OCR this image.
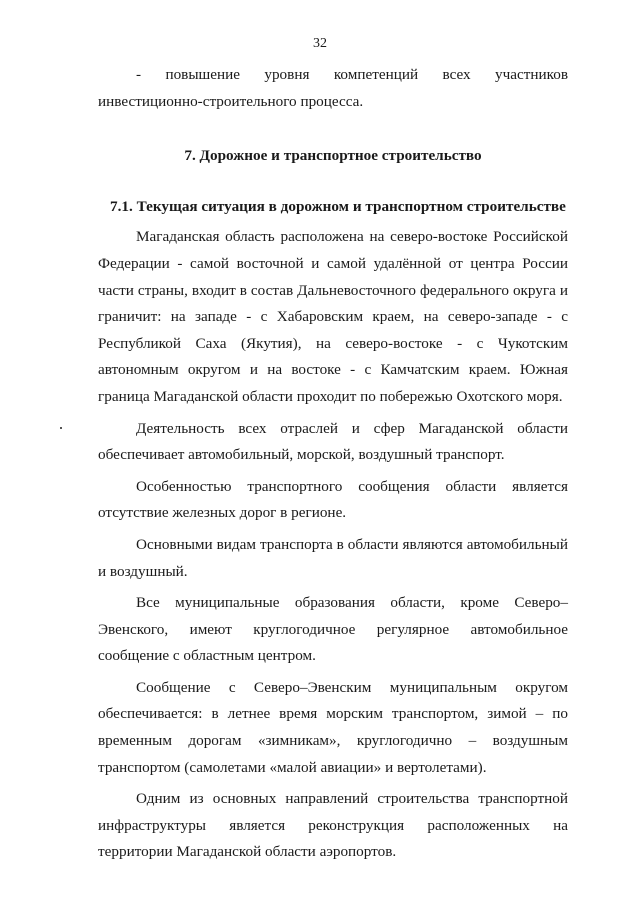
32

- повышение уровня компетенций всех участников инвестиционно-строительного процесса.

7. Дорожное и транспортное строительство

7.1. Текущая ситуация в дорожном и транспортном строительстве

Магаданская область расположена на северо-востоке Российской Федерации - самой восточной и самой удалённой от центра России части страны, входит в состав Дальневосточного федерального округа и граничит: на западе - с Хабаровским краем, на северо-западе - с Республикой Саха (Якутия), на северо-востоке - с Чукотским автономным округом и на востоке - с Камчатским краем. Южная граница Магаданской области проходит по побережью Охотского моря.

Деятельность всех отраслей и сфер Магаданской области обеспечивает автомобильный, морской, воздушный транспорт.

Особенностью транспортного сообщения области является отсутствие железных дорог в регионе.

Основными видам транспорта в области являются автомобильный и воздушный.

Все муниципальные образования области, кроме Северо–Эвенского, имеют круглогодичное регулярное автомобильное сообщение с областным центром.

Сообщение с Северо–Эвенским муниципальным округом обеспечивается: в летнее время морским транспортом, зимой – по временным дорогам «зимникам», круглогодично – воздушным транспортом (самолетами «малой авиации» и вертолетами).

Одним из основных направлений строительства транспортной инфраструктуры является реконструкция расположенных на территории Магаданской области аэропортов.
